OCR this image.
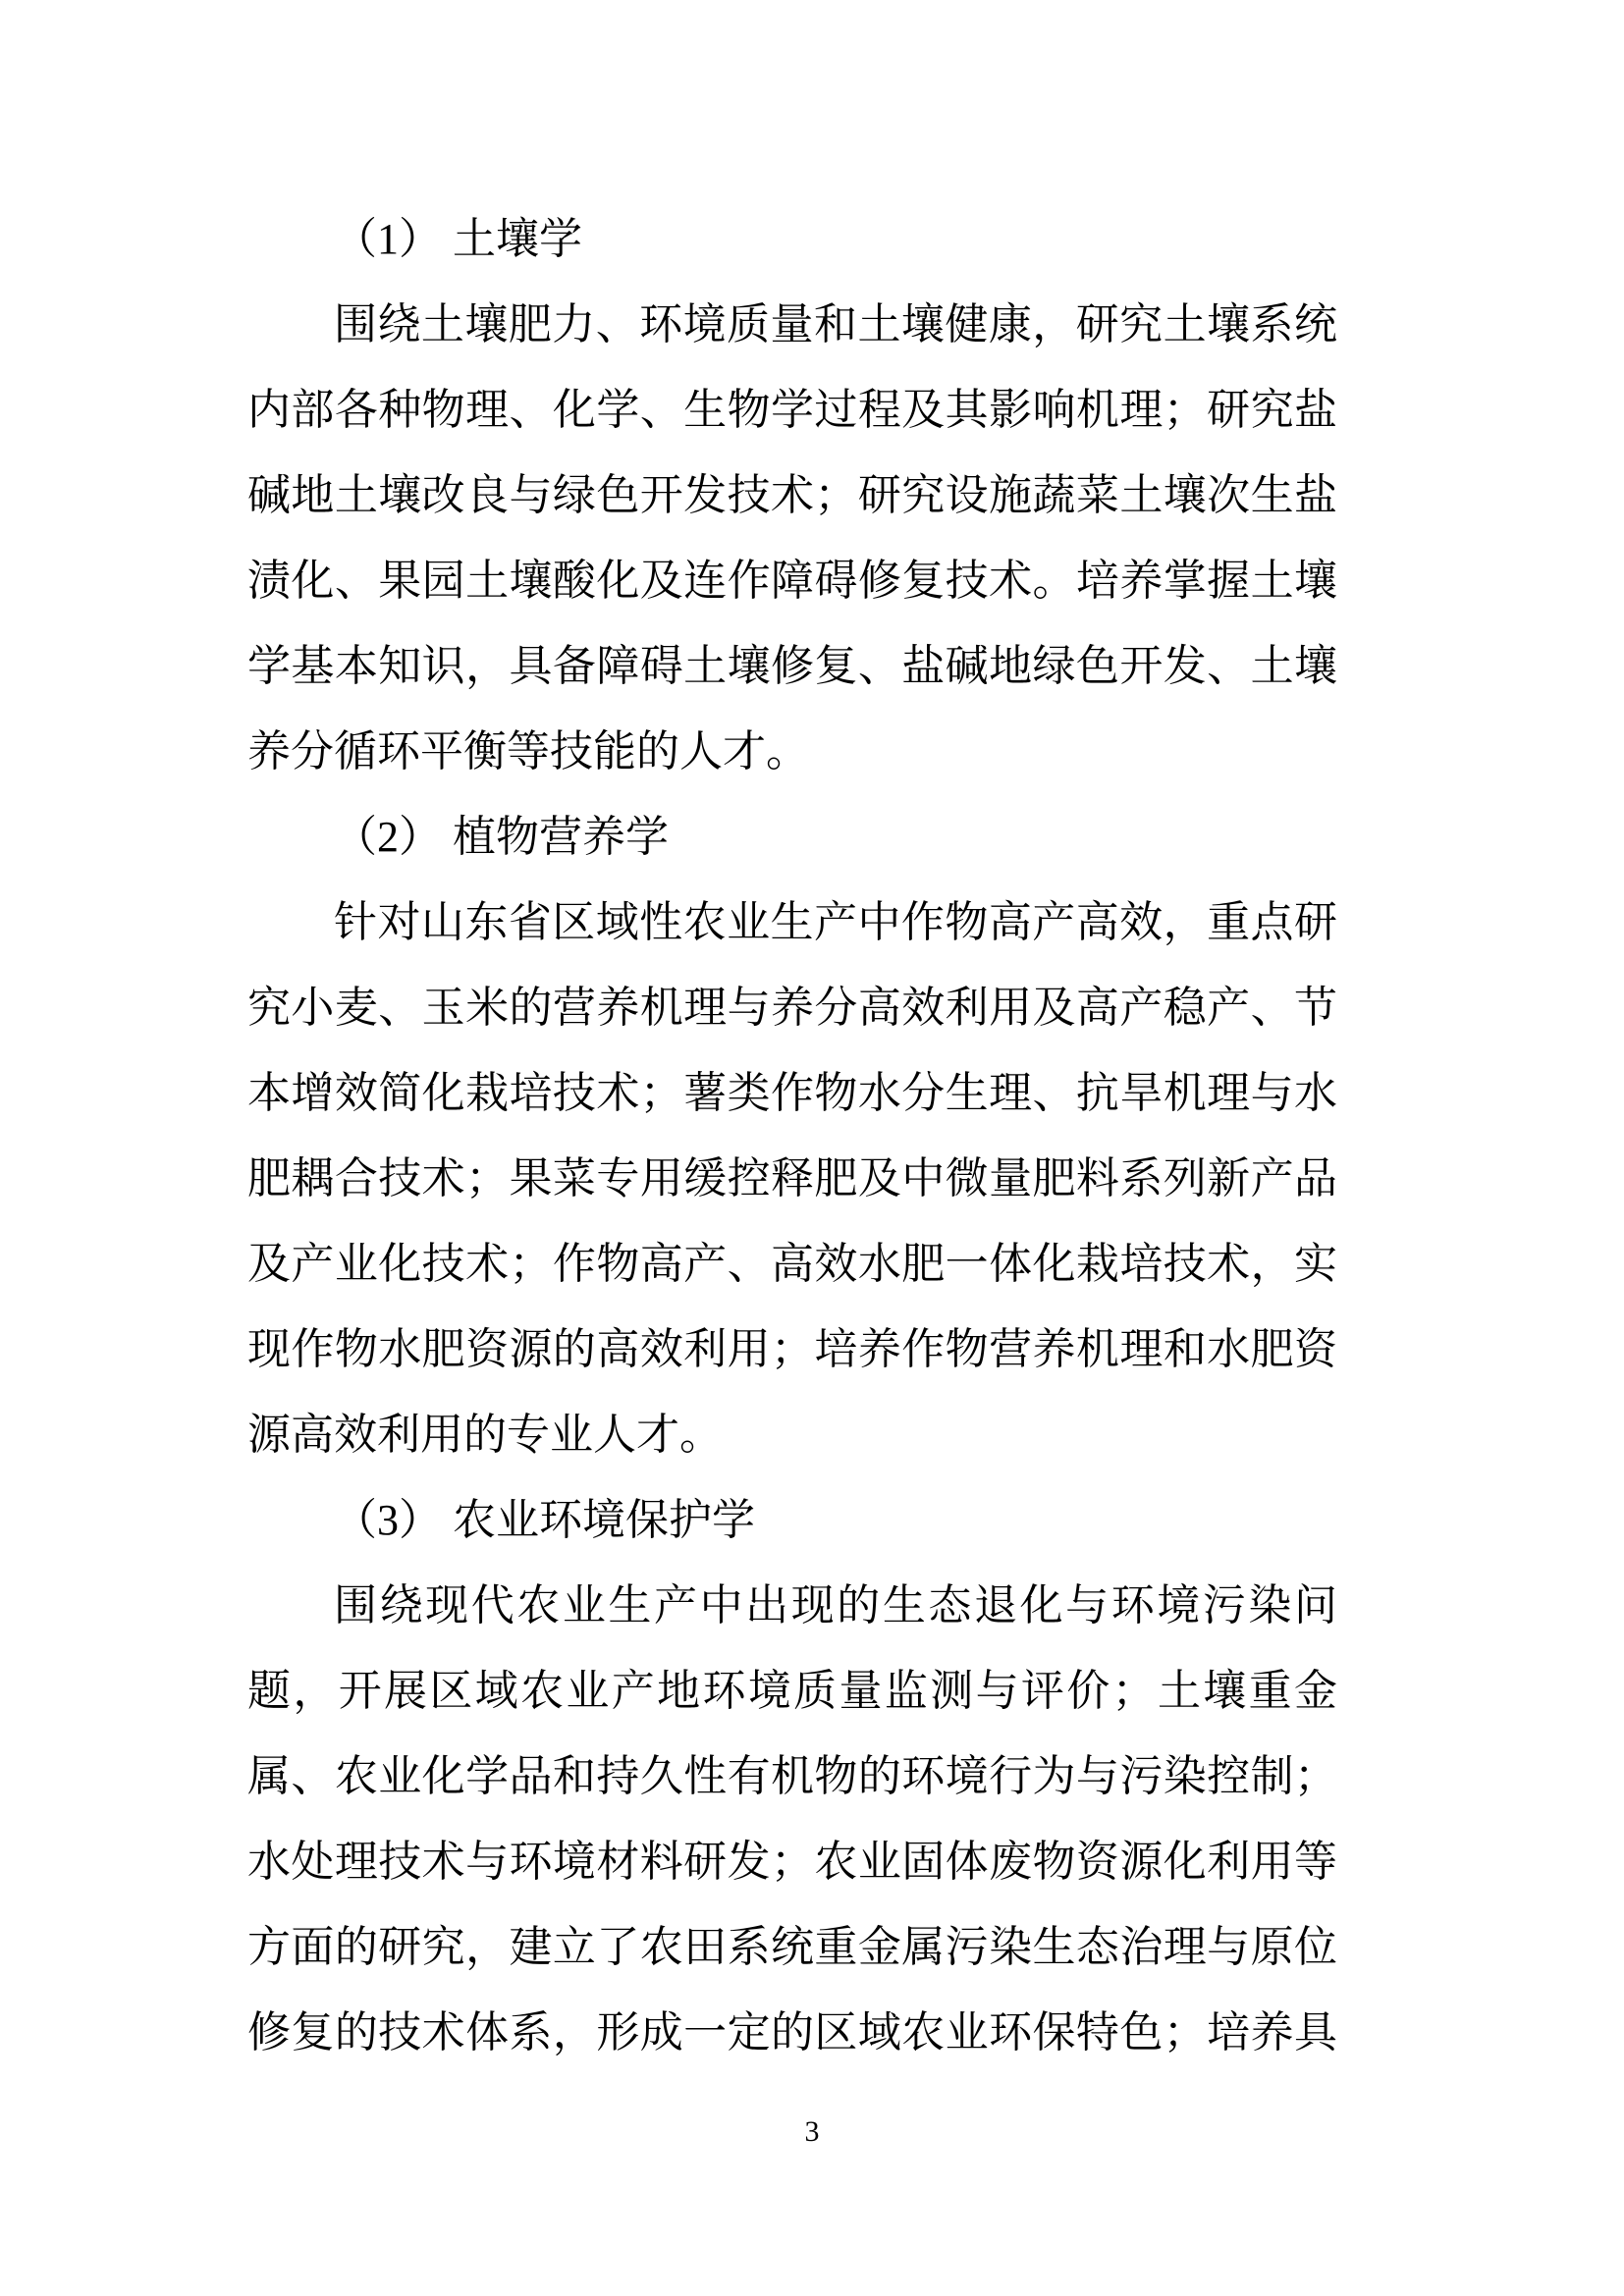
（1） 土壤学
围绕土壤肥力、环境质量和土壤健康，研究土壤系统
内部各种物理、化学、生物学过程及其影响机理；研究盐
碱地土壤改良与绿色开发技术；研究设施蔬菜土壤次生盐
渍化、果园土壤酸化及连作障碍修复技术。培养掌握土壤
学基本知识，具备障碍土壤修复、盐碱地绿色开发、土壤
养分循环平衡等技能的人才。
（2） 植物营养学
针对山东省区域性农业生产中作物高产高效，重点研
究小麦、玉米的营养机理与养分高效利用及高产稳产、节
本增效简化栽培技术；薯类作物水分生理、抗旱机理与水
肥耦合技术；果菜专用缓控释肥及中微量肥料系列新产品
及产业化技术；作物高产、高效水肥一体化栽培技术，实
现作物水肥资源的高效利用；培养作物营养机理和水肥资
源高效利用的专业人才。
（3） 农业环境保护学
围绕现代农业生产中出现的生态退化与环境污染问
题，开展区域农业产地环境质量监测与评价；土壤重金
属、农业化学品和持久性有机物的环境行为与污染控制；
水处理技术与环境材料研发；农业固体废物资源化利用等
方面的研究，建立了农田系统重金属污染生态治理与原位
修复的技术体系，形成一定的区域农业环保特色；培养具
3
